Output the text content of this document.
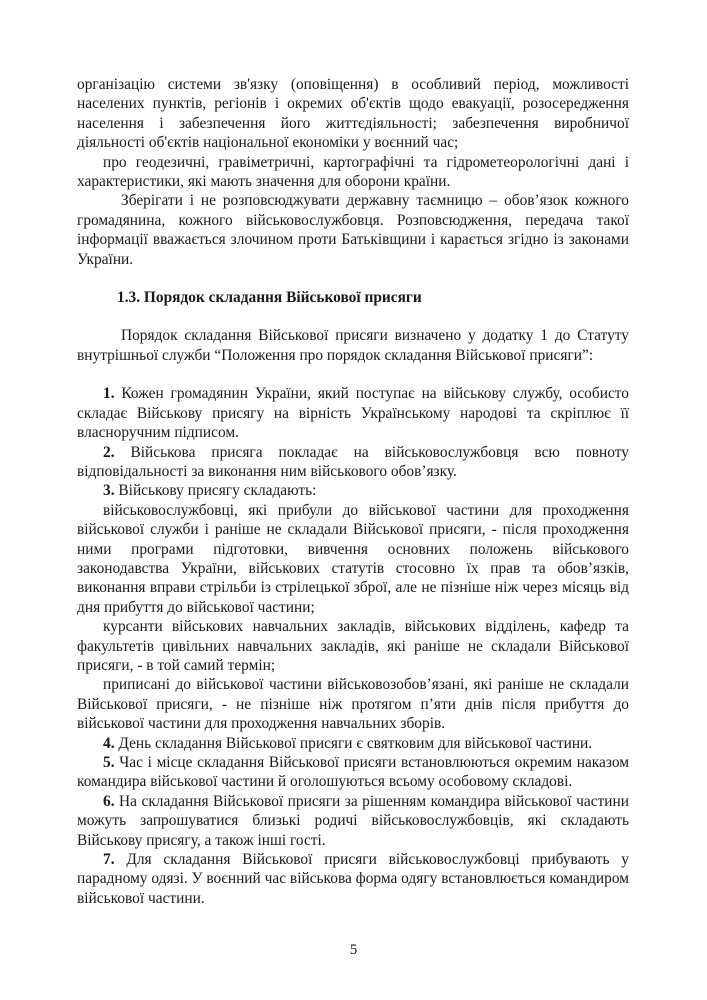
організацію системи зв'язку (оповіщення) в особливий період, можливості населених пунктів, регіонів і окремих об'єктів щодо евакуації, розосередження населення і забезпечення його життєдіяльності; забезпечення виробничої діяльності об'єктів національної економіки у воєнний час;

про геодезичні, гравіметричні, картографічні та гідрометеорологічні дані і характеристики, які мають значення для оборони країни.

Зберігати і не розповсюджувати державну таємницю – обов’язок кожного громадянина, кожного військовослужбовця. Розповсюдження, передача такої інформації вважається злочином проти Батьківщини і карається згідно із законами України.

1.3. Порядок складання Військової присяги

Порядок складання Військової присяги визначено у додатку 1 до Статуту внутрішньої служби “Положення про порядок складання Військової присяги”:

1. Кожен громадянин України, який поступає на військову службу, особисто складає Військову присягу на вірність Українському народові та скріплює її власноручним підписом.

2. Військова присяга покладає на військовослужбовця всю повноту відповідальності за виконання ним військового обов’язку.

3. Військову присягу складають:

військовослужбовці, які прибули до військової частини для проходження військової служби і раніше не складали Військової присяги, - після проходження ними програми підготовки, вивчення основних положень військового законодавства України, військових статутів стосовно їх прав та обов’язків, виконання вправи стрільби із стрілецької зброї, але не пізніше ніж через місяць від дня прибуття до військової частини;

курсанти військових навчальних закладів, військових відділень, кафедр та факультетів цивільних навчальних закладів, які раніше не складали Військової присяги, - в той самий термін;

приписані до військової частини військовозобов’язані, які раніше не складали Військової присяги, - не пізніше ніж протягом п’яти днів після прибуття до військової частини для проходження навчальних зборів.

4. День складання Військової присяги є святковим для військової частини.

5. Час і місце складання Військової присяги встановлюються окремим наказом командира військової частини й оголошуються всьому особовому складові.

6. На складання Військової присяги за рішенням командира військової частини можуть запрошуватися близькі родичі військовослужбовців, які складають Військову присягу, а також інші гості.

7. Для складання Військової присяги військовослужбовці прибувають у парадному одязі. У воєнний час військова форма одягу встановлюється командиром військової частини.

5
